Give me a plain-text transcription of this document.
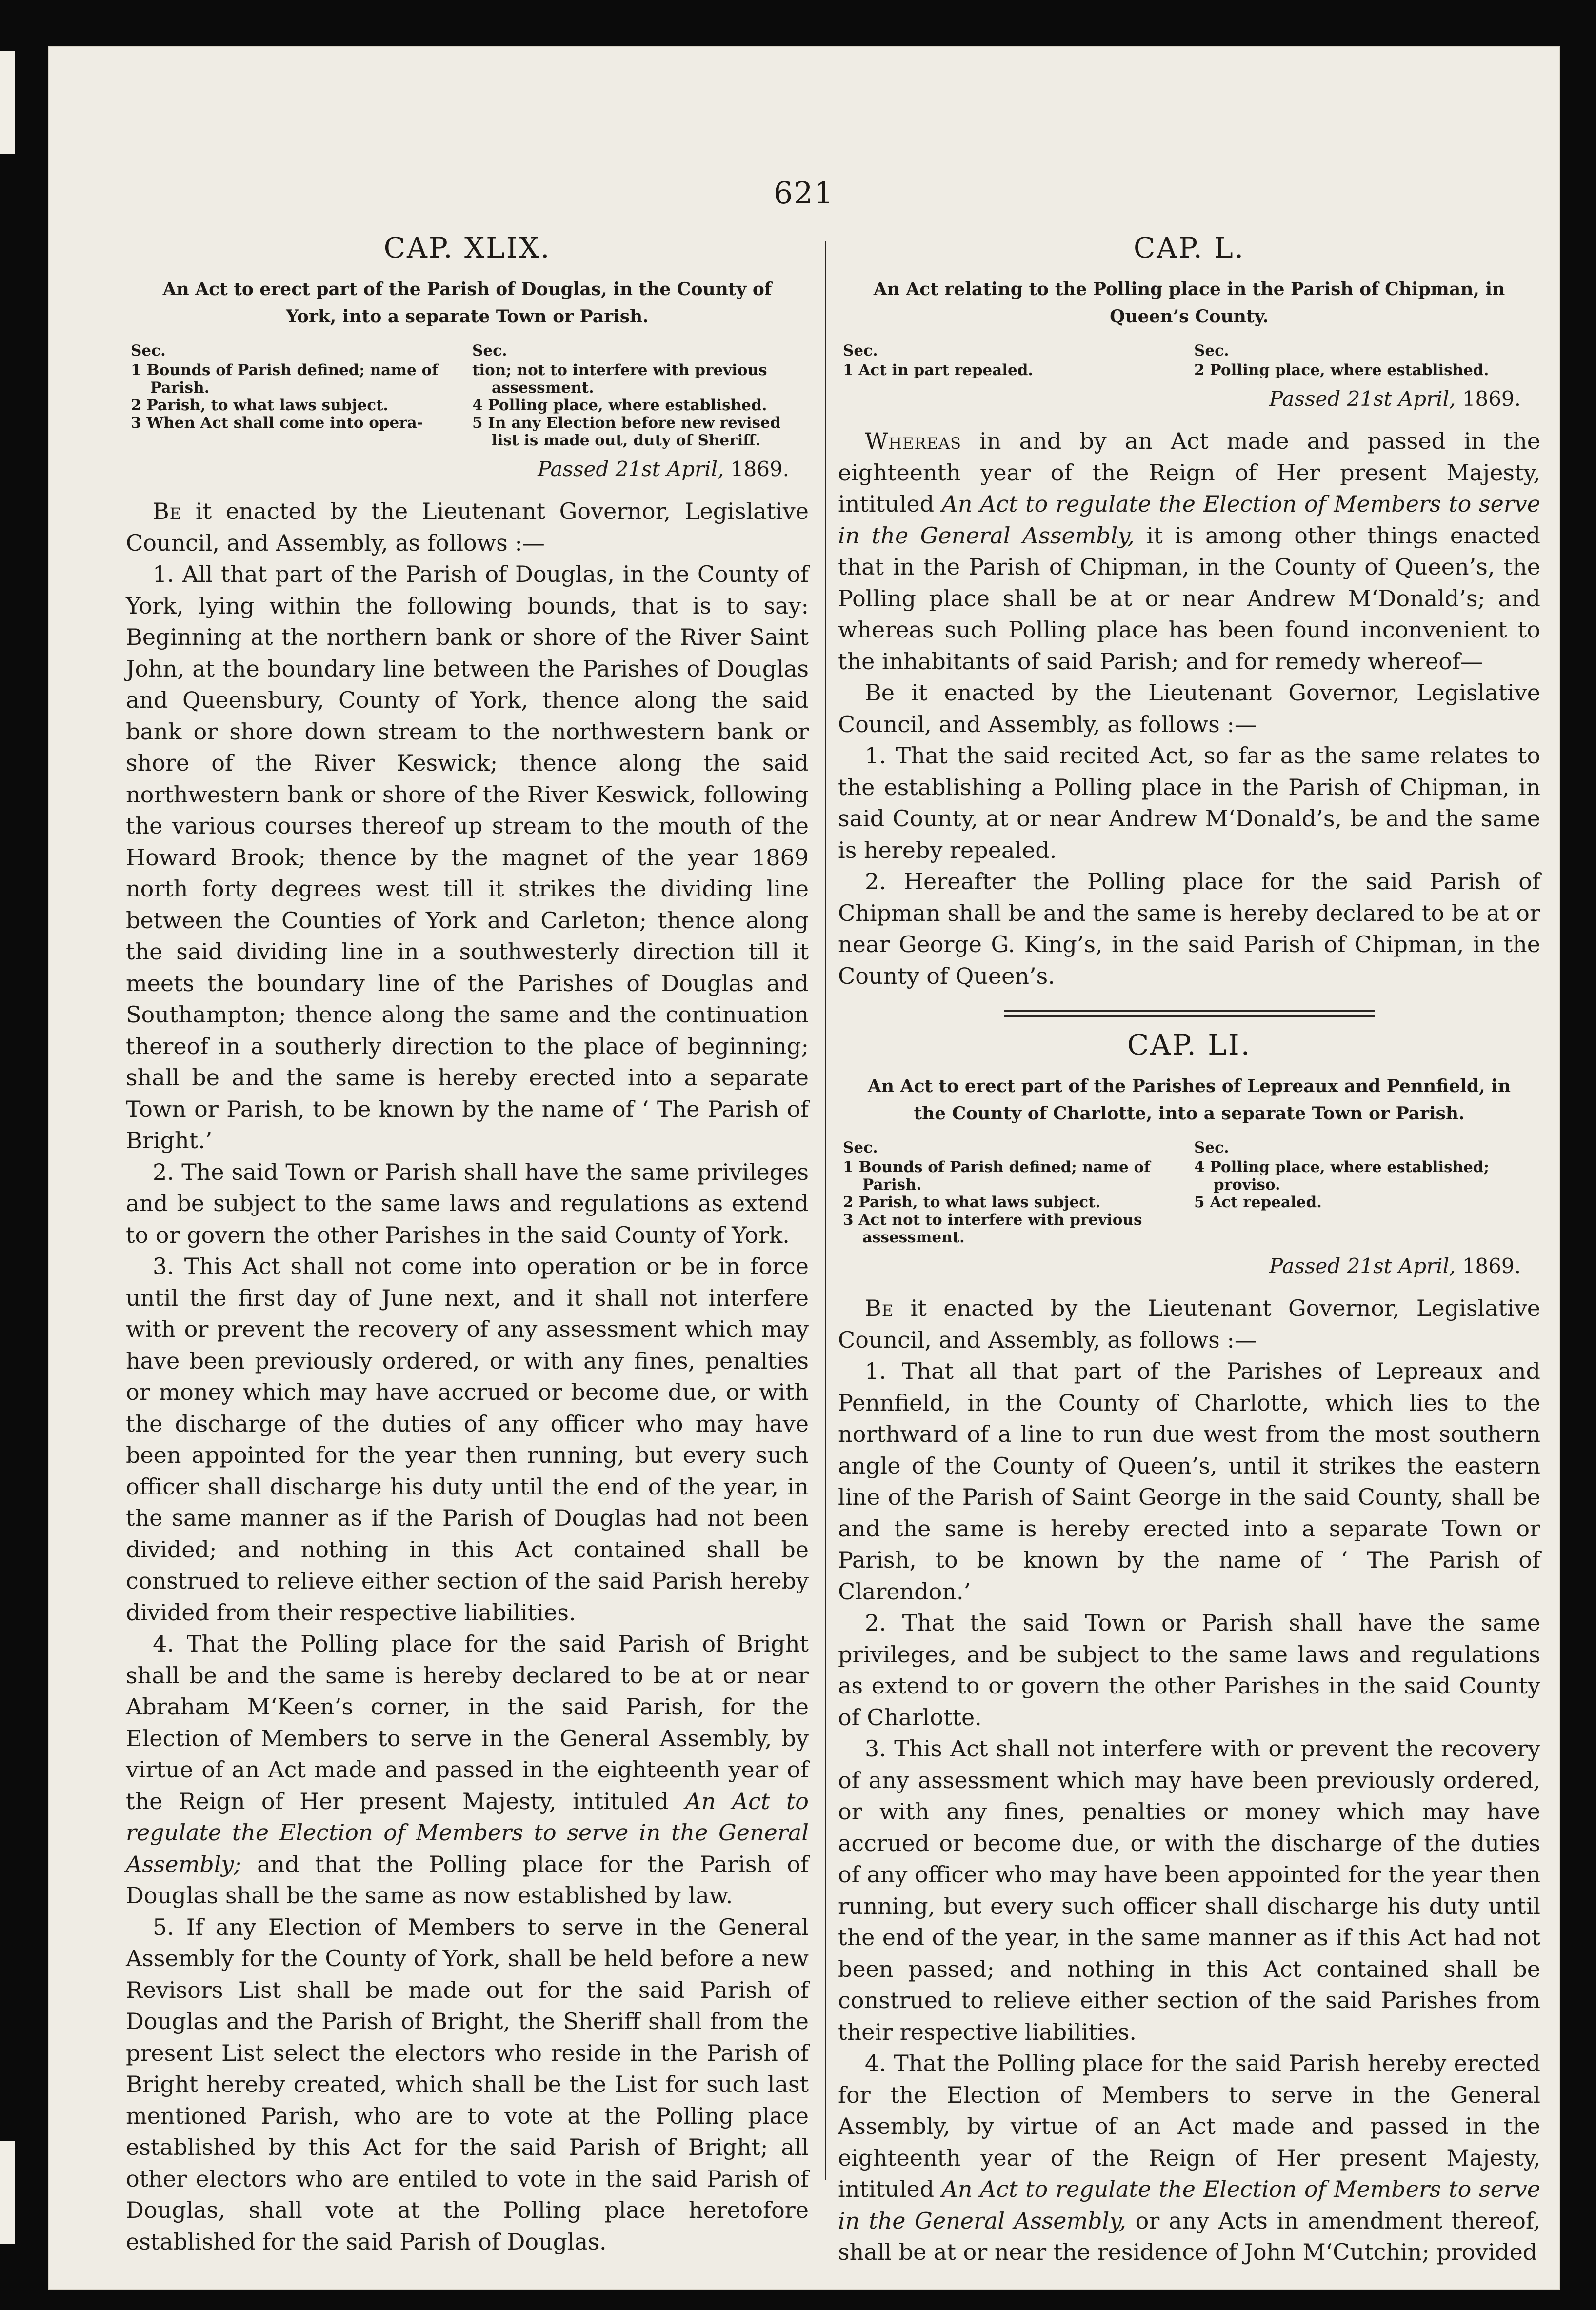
621
CAP. XLIX.
An Act to erect part of the Parish of Douglas, in the County of York, into a separate Town or Parish.
Sec.
1 Bounds of Parish defined; name of Parish.
2 Parish, to what laws subject.
3 When Act shall come into opera-
Sec.
tion; not to interfere with previous assessment.
4 Polling place, where established.
5 In any Election before new revised list is made out, duty of Sheriff.
Passed 21st April, 1869.

Be it enacted by the Lieutenant Governor, Legislative Council, and Assembly, as follows :—

1. All that part of the Parish of Douglas, in the County of York, lying within the following bounds, that is to say: Beginning at the northern bank or shore of the River Saint John, at the boundary line between the Parishes of Douglas and Queensbury, County of York, thence along the said bank or shore down stream to the northwestern bank or shore of the River Keswick; thence along the said northwestern bank or shore of the River Keswick, following the various courses thereof up stream to the mouth of the Howard Brook; thence by the magnet of the year 1869 north forty degrees west till it strikes the dividing line between the Counties of York and Carleton; thence along the said dividing line in a southwesterly direction till it meets the boundary line of the Parishes of Douglas and Southampton; thence along the same and the continuation thereof in a southerly direction to the place of beginning; shall be and the same is hereby erected into a separate Town or Parish, to be known by the name of ‘ The Parish of Bright.’

2. The said Town or Parish shall have the same privileges and be subject to the same laws and regulations as extend to or govern the other Parishes in the said County of York.

3. This Act shall not come into operation or be in force until the first day of June next, and it shall not interfere with or prevent the recovery of any assessment which may have been previously ordered, or with any fines, penalties or money which may have accrued or become due, or with the discharge of the duties of any officer who may have been appointed for the year then running, but every such officer shall discharge his duty until the end of the year, in the same manner as if the Parish of Douglas had not been divided; and nothing in this Act contained shall be construed to relieve either section of the said Parish hereby divided from their respective liabilities.

4. That the Polling place for the said Parish of Bright shall be and the same is hereby declared to be at or near Abraham M‘Keen’s corner, in the said Parish, for the Election of Members to serve in the General Assembly, by virtue of an Act made and passed in the eighteenth year of the Reign of Her present Majesty, intituled An Act to regulate the Election of Members to serve in the General Assembly; and that the Polling place for the Parish of Douglas shall be the same as now established by law.

5. If any Election of Members to serve in the General Assembly for the County of York, shall be held before a new Revisors List shall be made out for the said Parish of Douglas and the Parish of Bright, the Sheriff shall from the present List select the electors who reside in the Parish of Bright hereby created, which shall be the List for such last mentioned Parish, who are to vote at the Polling place established by this Act for the said Parish of Bright; all other electors who are entiled to vote in the said Parish of Douglas, shall vote at the Polling place heretofore established for the said Parish of Douglas.

CAP. L.
An Act relating to the Polling place in the Parish of Chipman, in Queen’s County.
Sec.
1 Act in part repealed.
Sec.
2 Polling place, where established.
Passed 21st April, 1869.

Whereas in and by an Act made and passed in the eighteenth year of the Reign of Her present Majesty, intituled An Act to regulate the Election of Members to serve in the General Assembly, it is among other things enacted that in the Parish of Chipman, in the County of Queen’s, the Polling place shall be at or near Andrew M‘Donald’s; and whereas such Polling place has been found inconvenient to the inhabitants of said Parish; and for remedy whereof—

Be it enacted by the Lieutenant Governor, Legislative Council, and Assembly, as follows :—

1. That the said recited Act, so far as the same relates to the establishing a Polling place in the Parish of Chipman, in said County, at or near Andrew M‘Donald’s, be and the same is hereby repealed.

2. Hereafter the Polling place for the said Parish of Chipman shall be and the same is hereby declared to be at or near George G. King’s, in the said Parish of Chipman, in the County of Queen’s.

CAP. LI.
An Act to erect part of the Parishes of Lepreaux and Pennfield, in the County of Charlotte, into a separate Town or Parish.
Sec.
1 Bounds of Parish defined; name of Parish.
2 Parish, to what laws subject.
3 Act not to interfere with previous assessment.
Sec.
4 Polling place, where established; proviso.
5 Act repealed.
Passed 21st April, 1869.

Be it enacted by the Lieutenant Governor, Legislative Council, and Assembly, as follows :—

1. That all that part of the Parishes of Lepreaux and Pennfield, in the County of Charlotte, which lies to the northward of a line to run due west from the most southern angle of the County of Queen’s, until it strikes the eastern line of the Parish of Saint George in the said County, shall be and the same is hereby erected into a separate Town or Parish, to be known by the name of ‘ The Parish of Clarendon.’

2. That the said Town or Parish shall have the same privileges, and be subject to the same laws and regulations as extend to or govern the other Parishes in the said County of Charlotte.

3. This Act shall not interfere with or prevent the recovery of any assessment which may have been previously ordered, or with any fines, penalties or money which may have accrued or become due, or with the discharge of the duties of any officer who may have been appointed for the year then running, but every such officer shall discharge his duty until the end of the year, in the same manner as if this Act had not been passed; and nothing in this Act contained shall be construed to relieve either section of the said Parishes from their respective liabilities.

4. That the Polling place for the said Parish hereby erected for the Election of Members to serve in the General Assembly, by virtue of an Act made and passed in the eighteenth year of the Reign of Her present Majesty, intituled An Act to regulate the Election of Members to serve in the General Assembly, or any Acts in amendment thereof, shall be at or near the residence of John M‘Cutchin; provided
